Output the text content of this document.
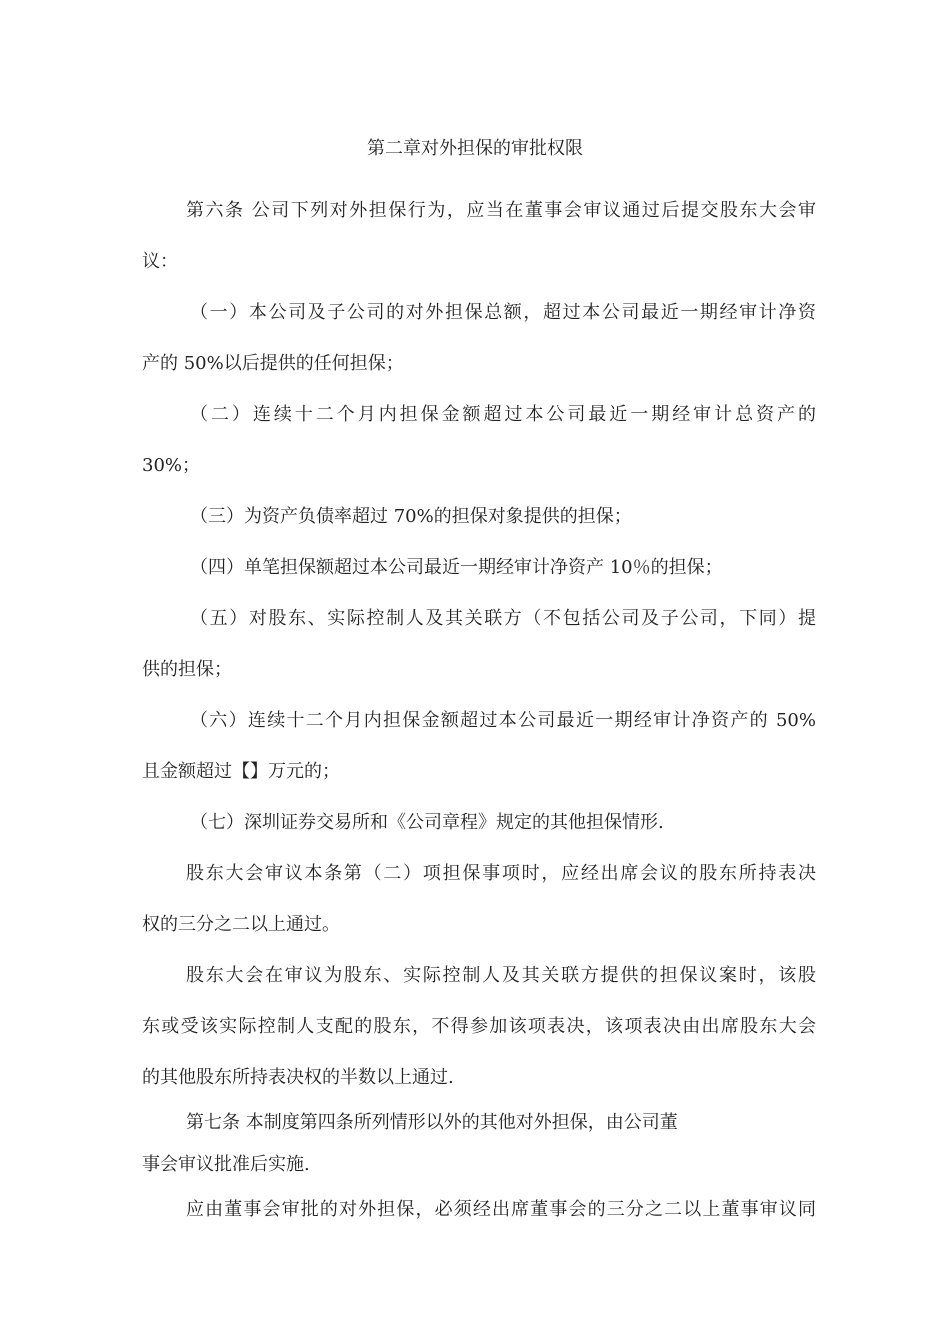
第二章对外担保的审批权限
第六条 公司下列对外担保行为，应当在董事会审议通过后提交股东大会审
议：
（一）本公司及子公司的对外担保总额，超过本公司最近一期经审计净资
产的 50%以后提供的任何担保；
（二）连续十二个月内担保金额超过本公司最近一期经审计总资产的
30%；
（三）为资产负债率超过 70%的担保对象提供的担保；
（四）单笔担保额超过本公司最近一期经审计净资产 10％的担保；
（五）对股东、实际控制人及其关联方（不包括公司及子公司，下同）提
供的担保；
（六）连续十二个月内担保金额超过本公司最近一期经审计净资产的 50%
且金额超过【】万元的；
（七）深圳证券交易所和《公司章程》规定的其他担保情形.
股东大会审议本条第（二）项担保事项时，应经出席会议的股东所持表决
权的三分之二以上通过。
股东大会在审议为股东、实际控制人及其关联方提供的担保议案时，该股
东或受该实际控制人支配的股东，不得参加该项表决，该项表决由出席股东大会
的其他股东所持表决权的半数以上通过.
第七条 本制度第四条所列情形以外的其他对外担保，由公司董
事会审议批准后实施.
应由董事会审批的对外担保，必须经出席董事会的三分之二以上董事审议同
